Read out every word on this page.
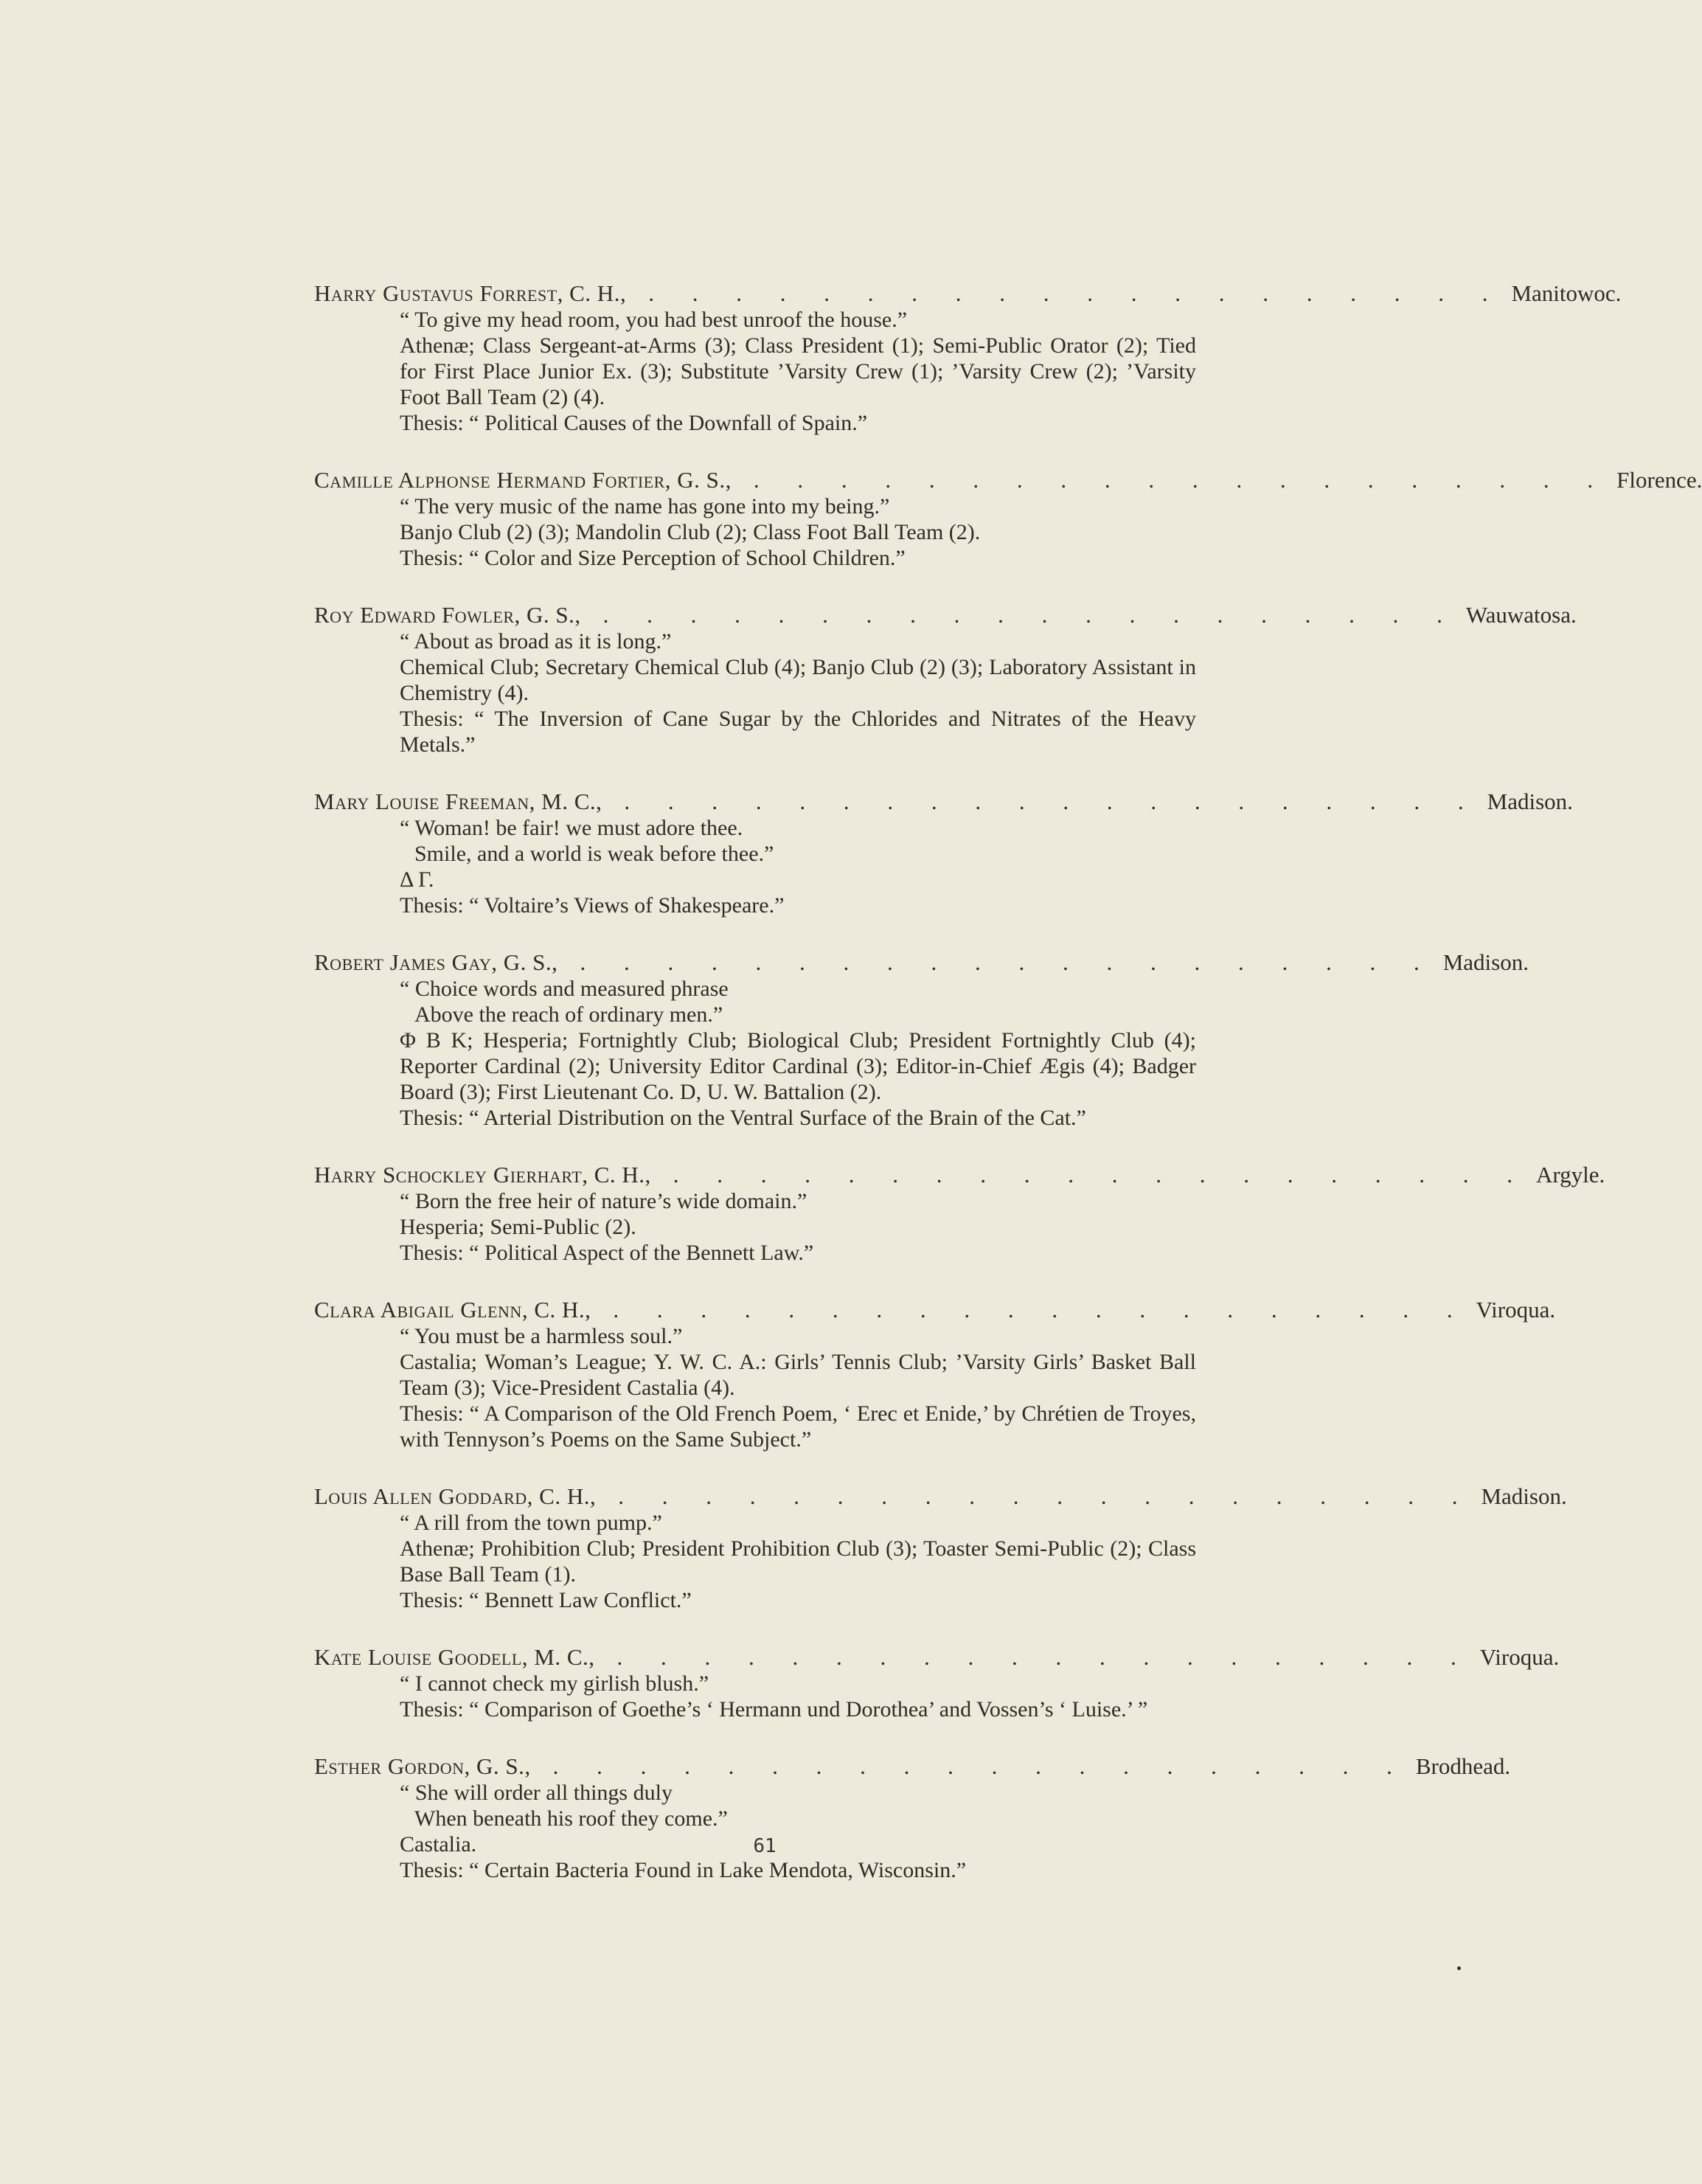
Harry Gustavus Forrest, C. H., . . . . . . . . . . . . . . . . . . . . Manitowoc.
“ To give my head room, you had best unroof the house.”
Athenæ; Class Sergeant-at-Arms (3); Class President (1); Semi-Public Orator (2); Tied for First Place Junior Ex. (3); Substitute ’Varsity Crew (1); ’Varsity Crew (2); ’Varsity Foot Ball Team (2) (4).
Thesis: “ Political Causes of the Downfall of Spain.”
Camille Alphonse Hermand Fortier, G. S., . . . . . . . . . . . . . . . . . . . . Florence.
“ The very music of the name has gone into my being.”
Banjo Club (2) (3); Mandolin Club (2); Class Foot Ball Team (2).
Thesis: “ Color and Size Perception of School Children.”
Roy Edward Fowler, G. S., . . . . . . . . . . . . . . . . . . . . Wauwatosa.
“ About as broad as it is long.”
Chemical Club; Secretary Chemical Club (4); Banjo Club (2) (3); Laboratory Assistant in Chemistry (4).
Thesis: “ The Inversion of Cane Sugar by the Chlorides and Nitrates of the Heavy Metals.”
Mary Louise Freeman, M. C., . . . . . . . . . . . . . . . . . . . . Madison.
“ Woman! be fair! we must adore thee.
Smile, and a world is weak before thee.”
Δ Γ.
Thesis: “ Voltaire’s Views of Shakespeare.”
Robert James Gay, G. S., . . . . . . . . . . . . . . . . . . . . Madison.
“ Choice words and measured phrase
Above the reach of ordinary men.”
Φ Β Κ; Hesperia; Fortnightly Club; Biological Club; President Fortnightly Club (4); Reporter Cardinal (2); University Editor Cardinal (3); Editor-in-Chief Ægis (4); Badger Board (3); First Lieutenant Co. D, U. W. Battalion (2).
Thesis: “ Arterial Distribution on the Ventral Surface of the Brain of the Cat.”
Harry Schockley Gierhart, C. H., . . . . . . . . . . . . . . . . . . . . Argyle.
“ Born the free heir of nature’s wide domain.”
Hesperia; Semi-Public (2).
Thesis: “ Political Aspect of the Bennett Law.”
Clara Abigail Glenn, C. H., . . . . . . . . . . . . . . . . . . . . Viroqua.
“ You must be a harmless soul.”
Castalia; Woman’s League; Y. W. C. A.: Girls’ Tennis Club; ’Varsity Girls’ Basket Ball Team (3); Vice-President Castalia (4).
Thesis: “ A Comparison of the Old French Poem, ‘ Erec et Enide,’ by Chrétien de Troyes, with Tennyson’s Poems on the Same Subject.”
Louis Allen Goddard, C. H., . . . . . . . . . . . . . . . . . . . . Madison.
“ A rill from the town pump.”
Athenæ; Prohibition Club; President Prohibition Club (3); Toaster Semi-Public (2); Class Base Ball Team (1).
Thesis: “ Bennett Law Conflict.”
Kate Louise Goodell, M. C., . . . . . . . . . . . . . . . . . . . . Viroqua.
“ I cannot check my girlish blush.”
Thesis: “ Comparison of Goethe’s ‘ Hermann und Dorothea’ and Vossen’s ‘ Luise.’ ”
Esther Gordon, G. S., . . . . . . . . . . . . . . . . . . . . Brodhead.
“ She will order all things duly
When beneath his roof they come.”
Castalia.
Thesis: “ Certain Bacteria Found in Lake Mendota, Wisconsin.”
61
